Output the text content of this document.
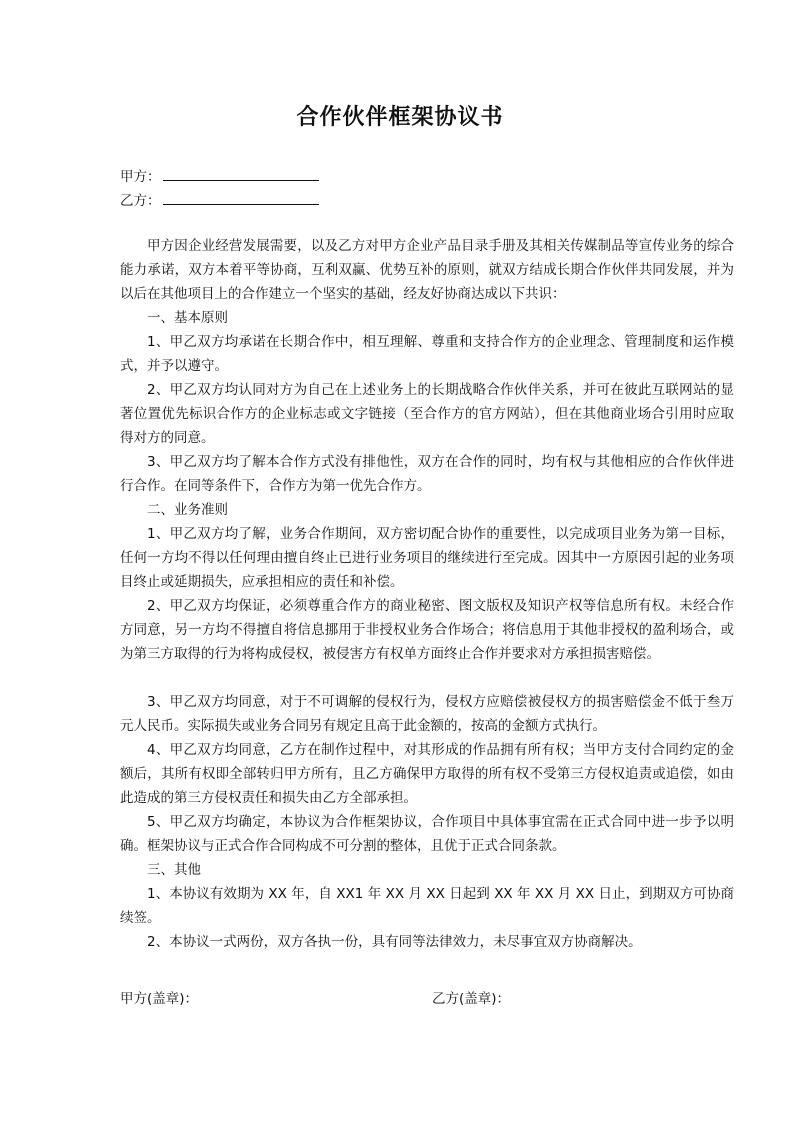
合作伙伴框架协议书
甲方：
乙方：

甲方因企业经营发展需要，以及乙方对甲方企业产品目录手册及其相关传媒制品等宣传业务的综合能力承诺，双方本着平等协商，互利双赢、优势互补的原则，就双方结成长期合作伙伴共同发展，并为以后在其他项目上的合作建立一个坚实的基础，经友好协商达成以下共识：

一、基本原则

1、甲乙双方均承诺在长期合作中，相互理解、尊重和支持合作方的企业理念、管理制度和运作模式，并予以遵守。

2、甲乙双方均认同对方为自己在上述业务上的长期战略合作伙伴关系，并可在彼此互联网站的显著位置优先标识合作方的企业标志或文字链接（至合作方的官方网站），但在其他商业场合引用时应取得对方的同意。

3、甲乙双方均了解本合作方式没有排他性，双方在合作的同时，均有权与其他相应的合作伙伴进行合作。在同等条件下，合作方为第一优先合作方。

二、业务准则

1、甲乙双方均了解，业务合作期间，双方密切配合协作的重要性，以完成项目业务为第一目标，任何一方均不得以任何理由擅自终止已进行业务项目的继续进行至完成。因其中一方原因引起的业务项目终止或延期损失，应承担相应的责任和补偿。

2、甲乙双方均保证，必须尊重合作方的商业秘密、图文版权及知识产权等信息所有权。未经合作方同意，另一方均不得擅自将信息挪用于非授权业务合作场合；将信息用于其他非授权的盈利场合，或为第三方取得的行为将构成侵权，被侵害方有权单方面终止合作并要求对方承担损害赔偿。

3、甲乙双方均同意，对于不可调解的侵权行为，侵权方应赔偿被侵权方的损害赔偿金不低于叁万元人民币。实际损失或业务合同另有规定且高于此金额的，按高的金额方式执行。

4、甲乙双方均同意，乙方在制作过程中，对其形成的作品拥有所有权；当甲方支付合同约定的金额后，其所有权即全部转归甲方所有，且乙方确保甲方取得的所有权不受第三方侵权追责或追偿，如由此造成的第三方侵权责任和损失由乙方全部承担。

5、甲乙双方均确定，本协议为合作框架协议，合作项目中具体事宜需在正式合同中进一步予以明确。框架协议与正式合作合同构成不可分割的整体，且优于正式合同条款。

三、其他

1、本协议有效期为 XX 年，自 XX1 年 XX 月 XX 日起到 XX 年 XX 月 XX 日止，到期双方可协商续签。

2、本协议一式两份，双方各执一份，具有同等法律效力，未尽事宜双方协商解决。

甲方(盖章)：	乙方(盖章)：
